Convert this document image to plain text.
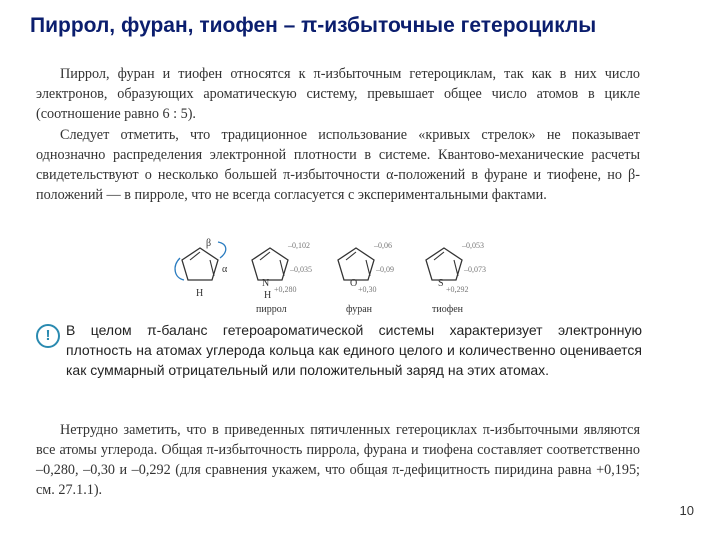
Пиррол, фуран, тиофен – π-избыточные гетероциклы

Пиррол, фуран и тиофен относятся к π-избыточным гетероциклам, так как в них число электронов, образующих ароматическую систему, превышает общее число атомов в цикле (соотношение равно 6 : 5).

Следует отметить, что традиционное использование «кривых стрелок» не показывает однозначно распределения электронной плотности в системе. Квантово-механические расчеты свидетельствуют о несколько большей π-избыточности α-положений в фуране и тиофене, но β-положений — в пирроле, что не всегда согласуется с экспериментальными фактами.

β
α
H
N
H
–0,102
–0,035
+0,280
пиррол
O
–0,06
–0,09
+0,30
фуран
S
–0,053
–0,073
+0,292
тиофен
!	В целом π-баланс гетероароматической системы характеризует электронную плотность на атомах углерода кольца как единого целого и количественно оценивается как суммарный отрицательный или положительный заряд на этих атомах.

Нетрудно заметить, что в приведенных пятичленных гетероциклах π-избыточными являются все атомы углерода. Общая π-избыточность пиррола, фурана и тиофена составляет соответственно –0,280, –0,30 и –0,292 (для сравнения укажем, что общая π-дефицитность пиридина равна +0,195; см. 27.1.1).

10
